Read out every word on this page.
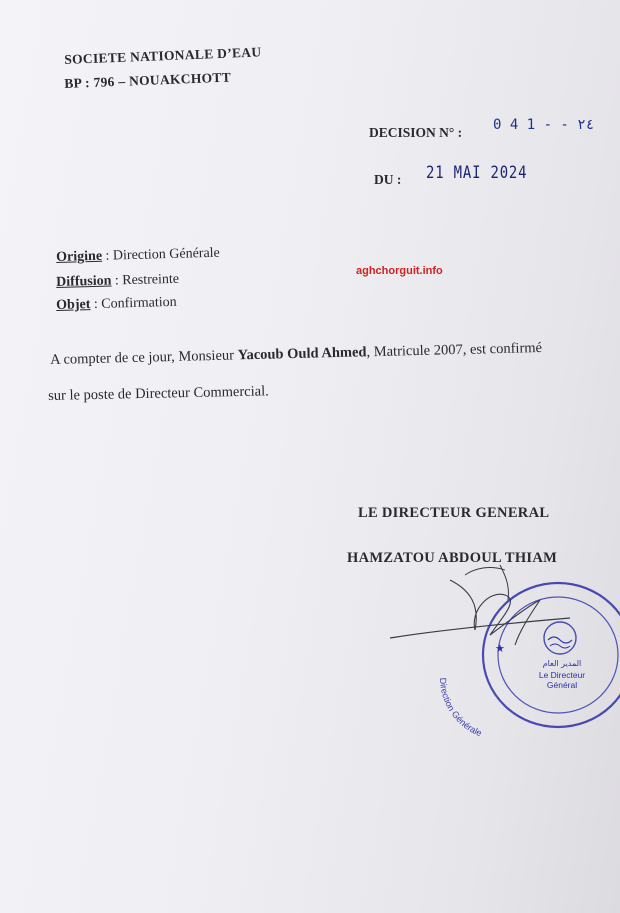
SOCIETE NATIONALE D’EAU
BP : 796 – NOUAKCHOTT
DECISION N° : 0 4 1 - - ٢٤
DU : 21 MAI 2024
Origine : Direction Générale
Diffusion : Restreinte
Objet : Confirmation
aghchorguit.info
A compter de ce jour, Monsieur Yacoub Ould Ahmed, Matricule 2007, est confirmé
sur le poste de Directeur Commercial.
LE DIRECTEUR GENERAL
HAMZATOU ABDOUL THIAM
★
المدير العام
Le Directeur
Général
Direction Générale
